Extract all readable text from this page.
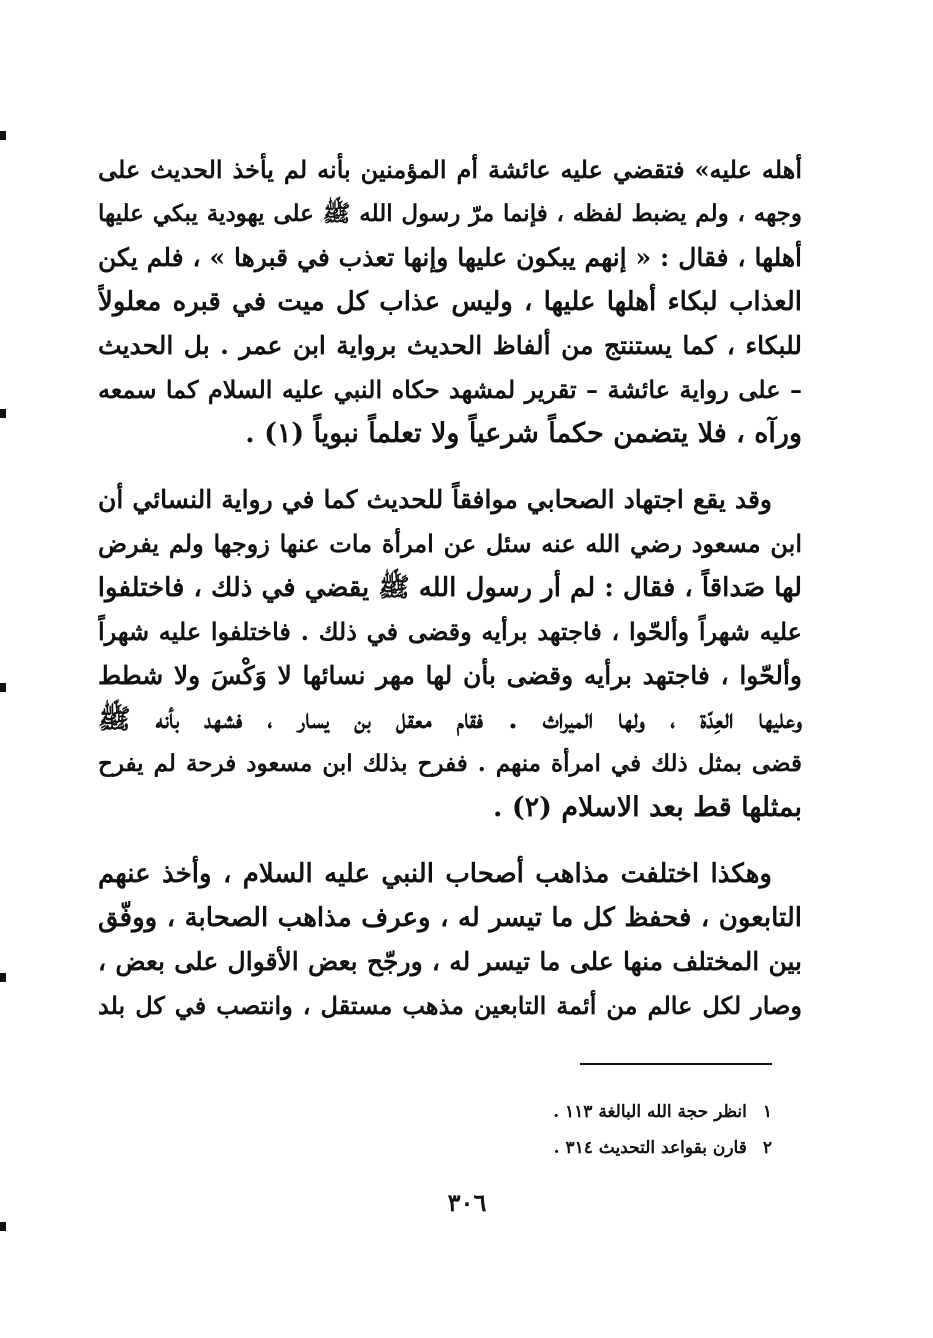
أهله عليه» فتقضي عليه عائشة أم المؤمنين بأنه لم يأخذ الحديث على
وجهه ، ولم يضبط لفظه ، فإنما مرّ رسول الله ﷺ على يهودية يبكي عليها
أهلها ، فقال : « إنهم يبكون عليها وإنها تعذب في قبرها » ، فلم يكن
العذاب لبكاء أهلها عليها ، وليس عذاب كل ميت في قبره معلولاً
للبكاء ، كما يستنتج من ألفاظ الحديث برواية ابن عمر . بل الحديث
– على رواية عائشة – تقرير لمشهد حكاه النبي عليه السلام كما سمعه
ورآه ، فلا يتضمن حكماً شرعياً ولا تعلماً نبوياً (١) .
وقد يقع اجتهاد الصحابي موافقاً للحديث كما في رواية النسائي أن
ابن مسعود رضي الله عنه سئل عن امرأة مات عنها زوجها ولم يفرض
لها صَداقاً ، فقال : لم أر رسول الله ﷺ يقضي في ذلك ، فاختلفوا
عليه شهراً وألحّوا ، فاجتهد برأيه وقضى في ذلك . فاختلفوا عليه شهراً
وألحّوا ، فاجتهد برأيه وقضى بأن لها مهر نسائها لا وَكْسَ ولا شطط
وعليها العِدّة ، ولها الميراث . فقام معقل بن يسار ، فشهد بأنه ﷺ
قضى بمثل ذلك في امرأة منهم . ففرح بذلك ابن مسعود فرحة لم يفرح
بمثلها قط بعد الاسلام (٢) .
وهكذا اختلفت مذاهب أصحاب النبي عليه السلام ، وأخذ عنهم
التابعون ، فحفظ كل ما تيسر له ، وعرف مذاهب الصحابة ، ووفّق
بين المختلف منها على ما تيسر له ، ورجّح بعض الأقوال على بعض ،
وصار لكل عالم من أئمة التابعين مذهب مستقل ، وانتصب في كل بلد
١انظر حجة الله البالغة ١١٣ .
٢قارن بقواعد التحديث ٣١٤ .
٣٠٦
